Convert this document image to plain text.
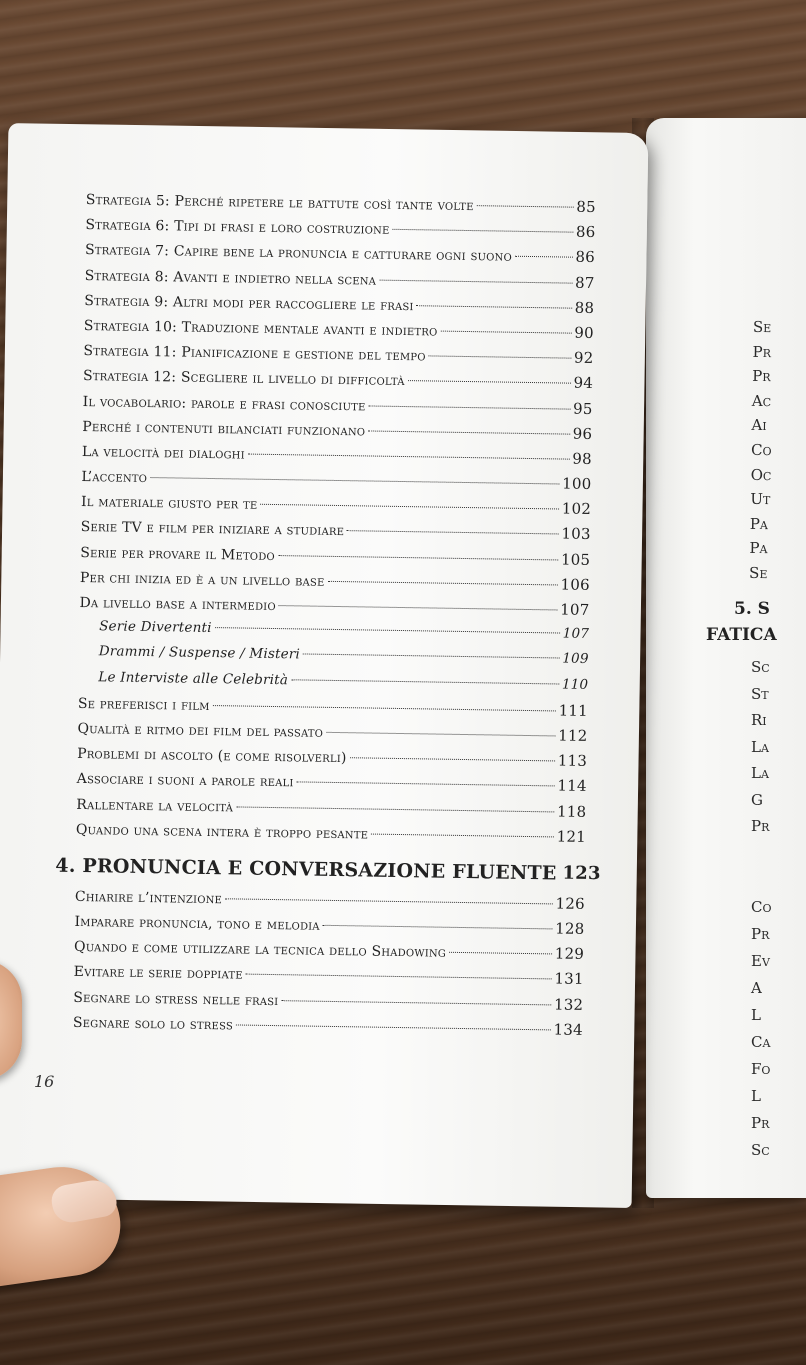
Se
Pr
Pr
Ac
Ai
Co
Oc
Ut
Pa
Pa
Se
5. S
FATICA
Sc
St
Ri
La
La
G
Pr
Co
Pr
Ev
A
L
Ca
Fo
L
Pr
Sc
Strategia 5: Perché ripetere le battute così tante volte	85
Strategia 6: Tipi di frasi e loro costruzione	86
Strategia 7: Capire bene la pronuncia e catturare ogni suono	86
Strategia 8: Avanti e indietro nella scena	87
Strategia 9: Altri modi per raccogliere le frasi	88
Strategia 10: Traduzione mentale avanti e indietro	90
Strategia 11: Pianificazione e gestione del tempo	92
Strategia 12: Scegliere il livello di difficoltà	94
Il vocabolario: parole e frasi conosciute	95
Perché i contenuti bilanciati funzionano	96
La velocità dei dialoghi	98
L’accento	100
Il materiale giusto per te	102
Serie TV e film per iniziare a studiare	103
Serie per provare il Metodo	105
Per chi inizia ed è a un livello base	106
Da livello base a intermedio	107
Serie Divertenti	107
Drammi / Suspense / Misteri	109
Le Interviste alle Celebrità	110
Se preferisci i film	111
Qualità e ritmo dei film del passato	112
Problemi di ascolto (e come risolverli)	113
Associare i suoni a parole reali	114
Rallentare la velocità	118
Quando una scena intera è troppo pesante	121
4. PRONUNCIA E CONVERSAZIONE FLUENTE 123
Chiarire l’intenzione	126
Imparare pronuncia, tono e melodia	128
Quando e come utilizzare la tecnica dello Shadowing	129
Evitare le serie doppiate	131
Segnare lo stress nelle frasi	132
Segnare solo lo stress	134
16
